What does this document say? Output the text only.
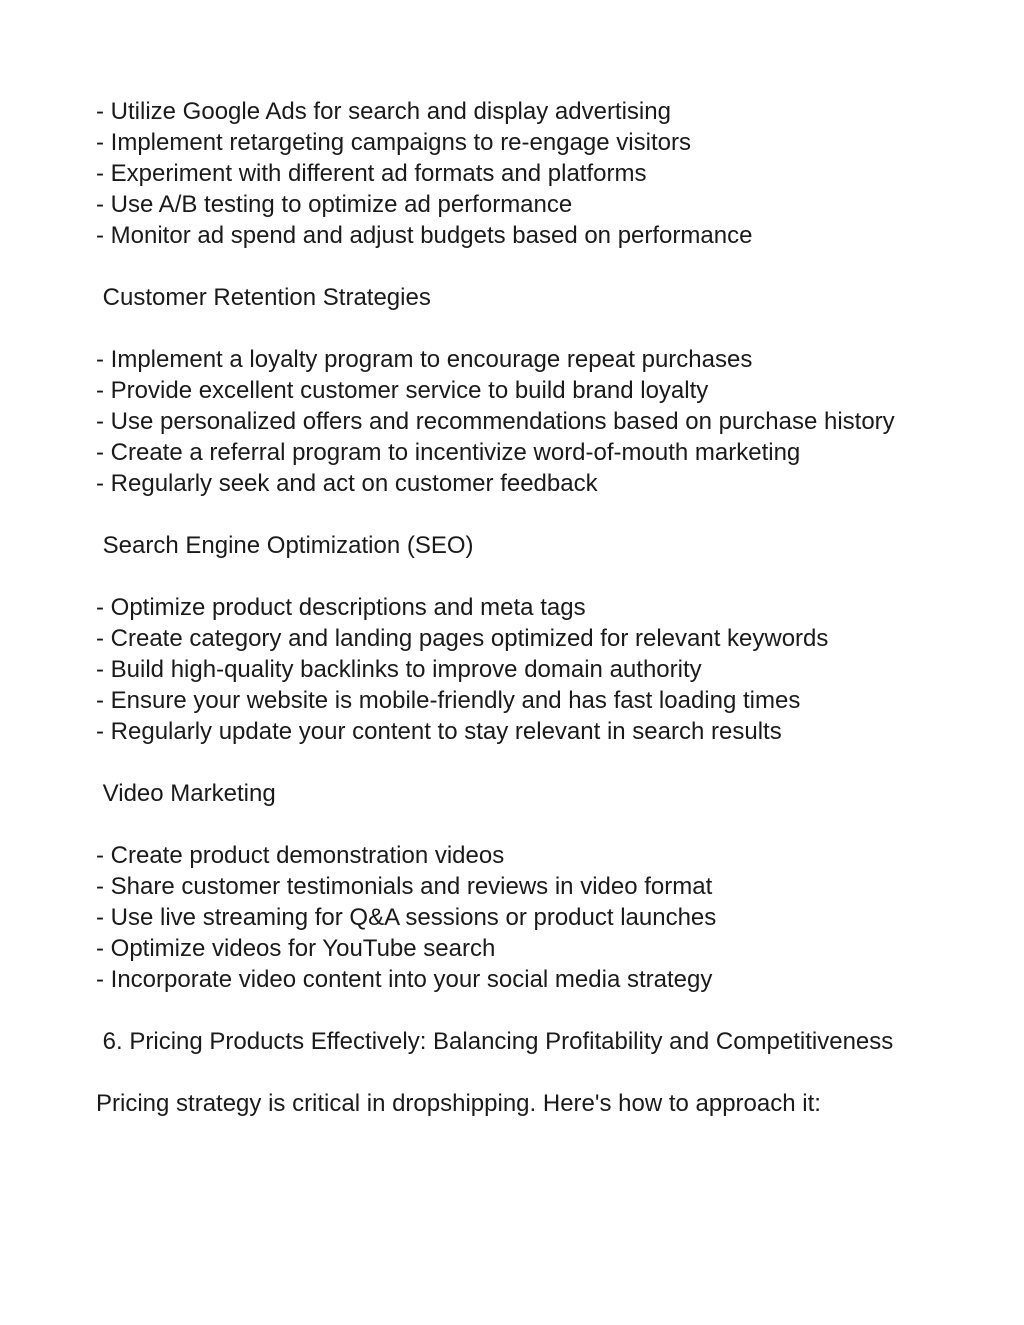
- Utilize Google Ads for search and display advertising
- Implement retargeting campaigns to re-engage visitors
- Experiment with different ad formats and platforms
- Use A/B testing to optimize ad performance
- Monitor ad spend and adjust budgets based on performance
Customer Retention Strategies
- Implement a loyalty program to encourage repeat purchases
- Provide excellent customer service to build brand loyalty
- Use personalized offers and recommendations based on purchase history
- Create a referral program to incentivize word-of-mouth marketing
- Regularly seek and act on customer feedback
Search Engine Optimization (SEO)
- Optimize product descriptions and meta tags
- Create category and landing pages optimized for relevant keywords
- Build high-quality backlinks to improve domain authority
- Ensure your website is mobile-friendly and has fast loading times
- Regularly update your content to stay relevant in search results
Video Marketing
- Create product demonstration videos
- Share customer testimonials and reviews in video format
- Use live streaming for Q&A sessions or product launches
- Optimize videos for YouTube search
- Incorporate video content into your social media strategy
6. Pricing Products Effectively: Balancing Profitability and Competitiveness
Pricing strategy is critical in dropshipping. Here's how to approach it:
